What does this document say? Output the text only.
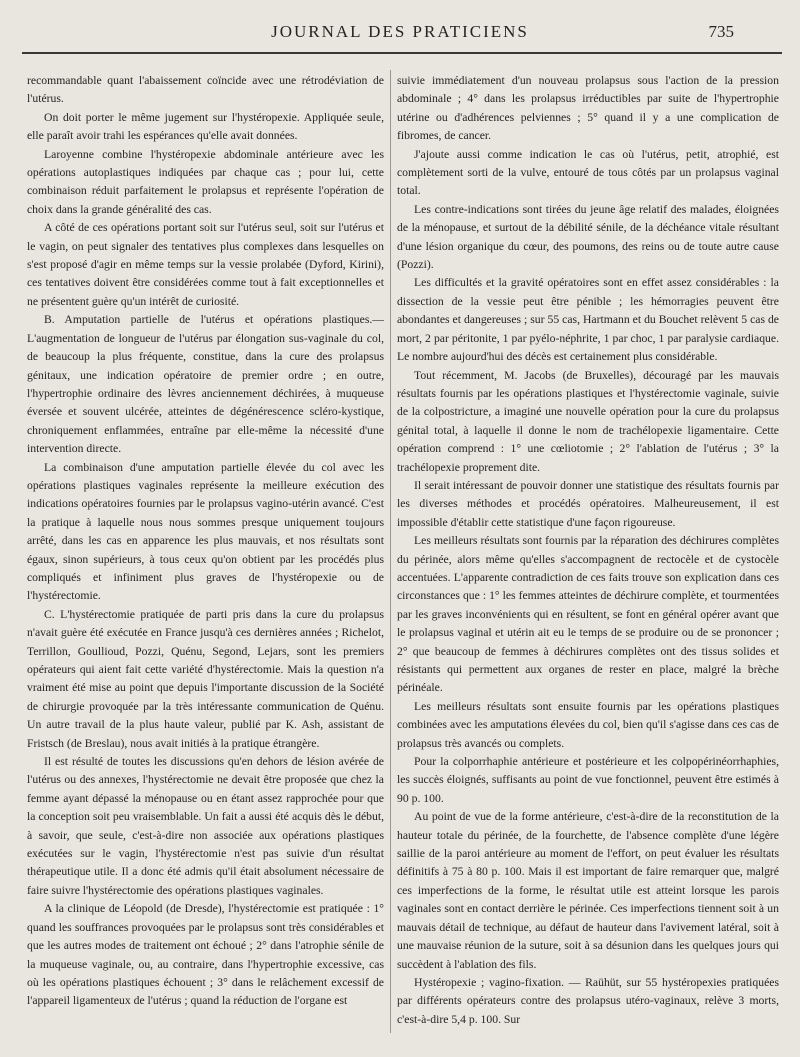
JOURNAL DES PRATICIENS	735

recommandable quant l'abaissement coïncide avec une rétrodéviation de l'utérus.

On doit porter le même jugement sur l'hystéropexie. Appliquée seule, elle paraît avoir trahi les espérances qu'elle avait données.

Laroyenne combine l'hystéropexie abdominale antérieure avec les opérations autoplastiques indiquées par chaque cas ; pour lui, cette combinaison réduit parfaitement le prolapsus et représente l'opération de choix dans la grande généralité des cas.

A côté de ces opérations portant soit sur l'utérus seul, soit sur l'utérus et le vagin, on peut signaler des tentatives plus complexes dans lesquelles on s'est proposé d'agir en même temps sur la vessie prolabée (Dyford, Kirini), ces tentatives doivent être considérées comme tout à fait exceptionnelles et ne présentent guère qu'un intérêt de curiosité.

B. Amputation partielle de l'utérus et opérations plastiques.— L'augmentation de longueur de l'utérus par élongation sus-vaginale du col, de beaucoup la plus fréquente, constitue, dans la cure des prolapsus génitaux, une indication opératoire de premier ordre ; en outre, l'hypertrophie ordinaire des lèvres anciennement déchirées, à muqueuse éversée et souvent ulcérée, atteintes de dégénérescence scléro-kystique, chroniquement enflammées, entraîne par elle-même la nécessité d'une intervention directe.

La combinaison d'une amputation partielle élevée du col avec les opérations plastiques vaginales représente la meilleure exécution des indications opératoires fournies par le prolapsus vagino-utérin avancé. C'est la pratique à laquelle nous nous sommes presque uniquement toujours arrêté, dans les cas en apparence les plus mauvais, et nos résultats sont égaux, sinon supérieurs, à tous ceux qu'on obtient par les procédés plus compliqués et infiniment plus graves de l'hystéropexie ou de l'hystérectomie.

C. L'hystérectomie pratiquée de parti pris dans la cure du prolapsus n'avait guère été exécutée en France jusqu'à ces dernières années ; Richelot, Terrillon, Goullioud, Pozzi, Quénu, Segond, Lejars, sont les premiers opérateurs qui aient fait cette variété d'hystérectomie. Mais la question n'a vraiment été mise au point que depuis l'importante discussion de la Société de chirurgie provoquée par la très intéressante communication de Quénu. Un autre travail de la plus haute valeur, publié par K. Ash, assistant de Fristsch (de Breslau), nous avait initiés à la pratique étrangère.

Il est résulté de toutes les discussions qu'en dehors de lésion avérée de l'utérus ou des annexes, l'hystérectomie ne devait être proposée que chez la femme ayant dépassé la ménopause ou en étant assez rapprochée pour que la conception soit peu vraisemblable. Un fait a aussi été acquis dès le début, à savoir, que seule, c'est-à-dire non associée aux opérations plastiques exécutées sur le vagin, l'hystérectomie n'est pas suivie d'un résultat thérapeutique utile. Il a donc été admis qu'il était absolument nécessaire de faire suivre l'hystérectomie des opérations plastiques vaginales.

A la clinique de Léopold (de Dresde), l'hystérectomie est pratiquée : 1° quand les souffrances provoquées par le prolapsus sont très considérables et que les autres modes de traitement ont échoué ; 2° dans l'atrophie sénile de la muqueuse vaginale, ou, au contraire, dans l'hypertrophie excessive, cas où les opérations plastiques échouent ; 3° dans le relâchement excessif de l'appareil ligamenteux de l'utérus ; quand la réduction de l'organe est

suivie immédiatement d'un nouveau prolapsus sous l'action de la pression abdominale ; 4° dans les prolapsus irréductibles par suite de l'hypertrophie utérine ou d'adhérences pelviennes ; 5° quand il y a une complication de fibromes, de cancer.

J'ajoute aussi comme indication le cas où l'utérus, petit, atrophié, est complètement sorti de la vulve, entouré de tous côtés par un prolapsus vaginal total.

Les contre-indications sont tirées du jeune âge relatif des malades, éloignées de la ménopause, et surtout de la débilité sénile, de la déchéance vitale résultant d'une lésion organique du cœur, des poumons, des reins ou de toute autre cause (Pozzi).

Les difficultés et la gravité opératoires sont en effet assez considérables : la dissection de la vessie peut être pénible ; les hémorragies peuvent être abondantes et dangereuses ; sur 55 cas, Hartmann et du Bouchet relèvent 5 cas de mort, 2 par péritonite, 1 par pyélo-néphrite, 1 par choc, 1 par paralysie cardiaque. Le nombre aujourd'hui des décès est certainement plus considérable.

Tout récemment, M. Jacobs (de Bruxelles), découragé par les mauvais résultats fournis par les opérations plastiques et l'hystérectomie vaginale, suivie de la colpostricture, a imaginé une nouvelle opération pour la cure du prolapsus génital total, à laquelle il donne le nom de trachélopexie ligamentaire. Cette opération comprend : 1° une cœliotomie ; 2° l'ablation de l'utérus ; 3° la trachélopexie proprement dite.

Il serait intéressant de pouvoir donner une statistique des résultats fournis par les diverses méthodes et procédés opératoires. Malheureusement, il est impossible d'établir cette statistique d'une façon rigoureuse.

Les meilleurs résultats sont fournis par la réparation des déchirures complètes du périnée, alors même qu'elles s'accompagnent de rectocèle et de cystocèle accentuées. L'apparente contradiction de ces faits trouve son explication dans ces circonstances que : 1° les femmes atteintes de déchirure complète, et tourmentées par les graves inconvénients qui en résultent, se font en général opérer avant que le prolapsus vaginal et utérin ait eu le temps de se produire ou de se prononcer ; 2° que beaucoup de femmes à déchirures complètes ont des tissus solides et résistants qui permettent aux organes de rester en place, malgré la brèche périnéale.

Les meilleurs résultats sont ensuite fournis par les opérations plastiques combinées avec les amputations élevées du col, bien qu'il s'agisse dans ces cas de prolapsus très avancés ou complets.

Pour la colporrhaphie antérieure et postérieure et les colpopérinéorrhaphies, les succès éloignés, suffisants au point de vue fonctionnel, peuvent être estimés à 90 p. 100.

Au point de vue de la forme antérieure, c'est-à-dire de la reconstitution de la hauteur totale du périnée, de la fourchette, de l'absence complète d'une légère saillie de la paroi antérieure au moment de l'effort, on peut évaluer les résultats définitifs à 75 à 80 p. 100. Mais il est important de faire remarquer que, malgré ces imperfections de la forme, le résultat utile est atteint lorsque les parois vaginales sont en contact derrière le périnée. Ces imperfections tiennent soit à un mauvais détail de technique, au défaut de hauteur dans l'avivement latéral, soit à une mauvaise réunion de la suture, soit à sa désunion dans les quelques jours qui succèdent à l'ablation des fils.

Hystéropexie ; vagino-fixation. — Raühüt, sur 55 hystéropexies pratiquées par différents opérateurs contre des prolapsus utéro-vaginaux, relève 3 morts, c'est-à-dire 5,4 p. 100. Sur
